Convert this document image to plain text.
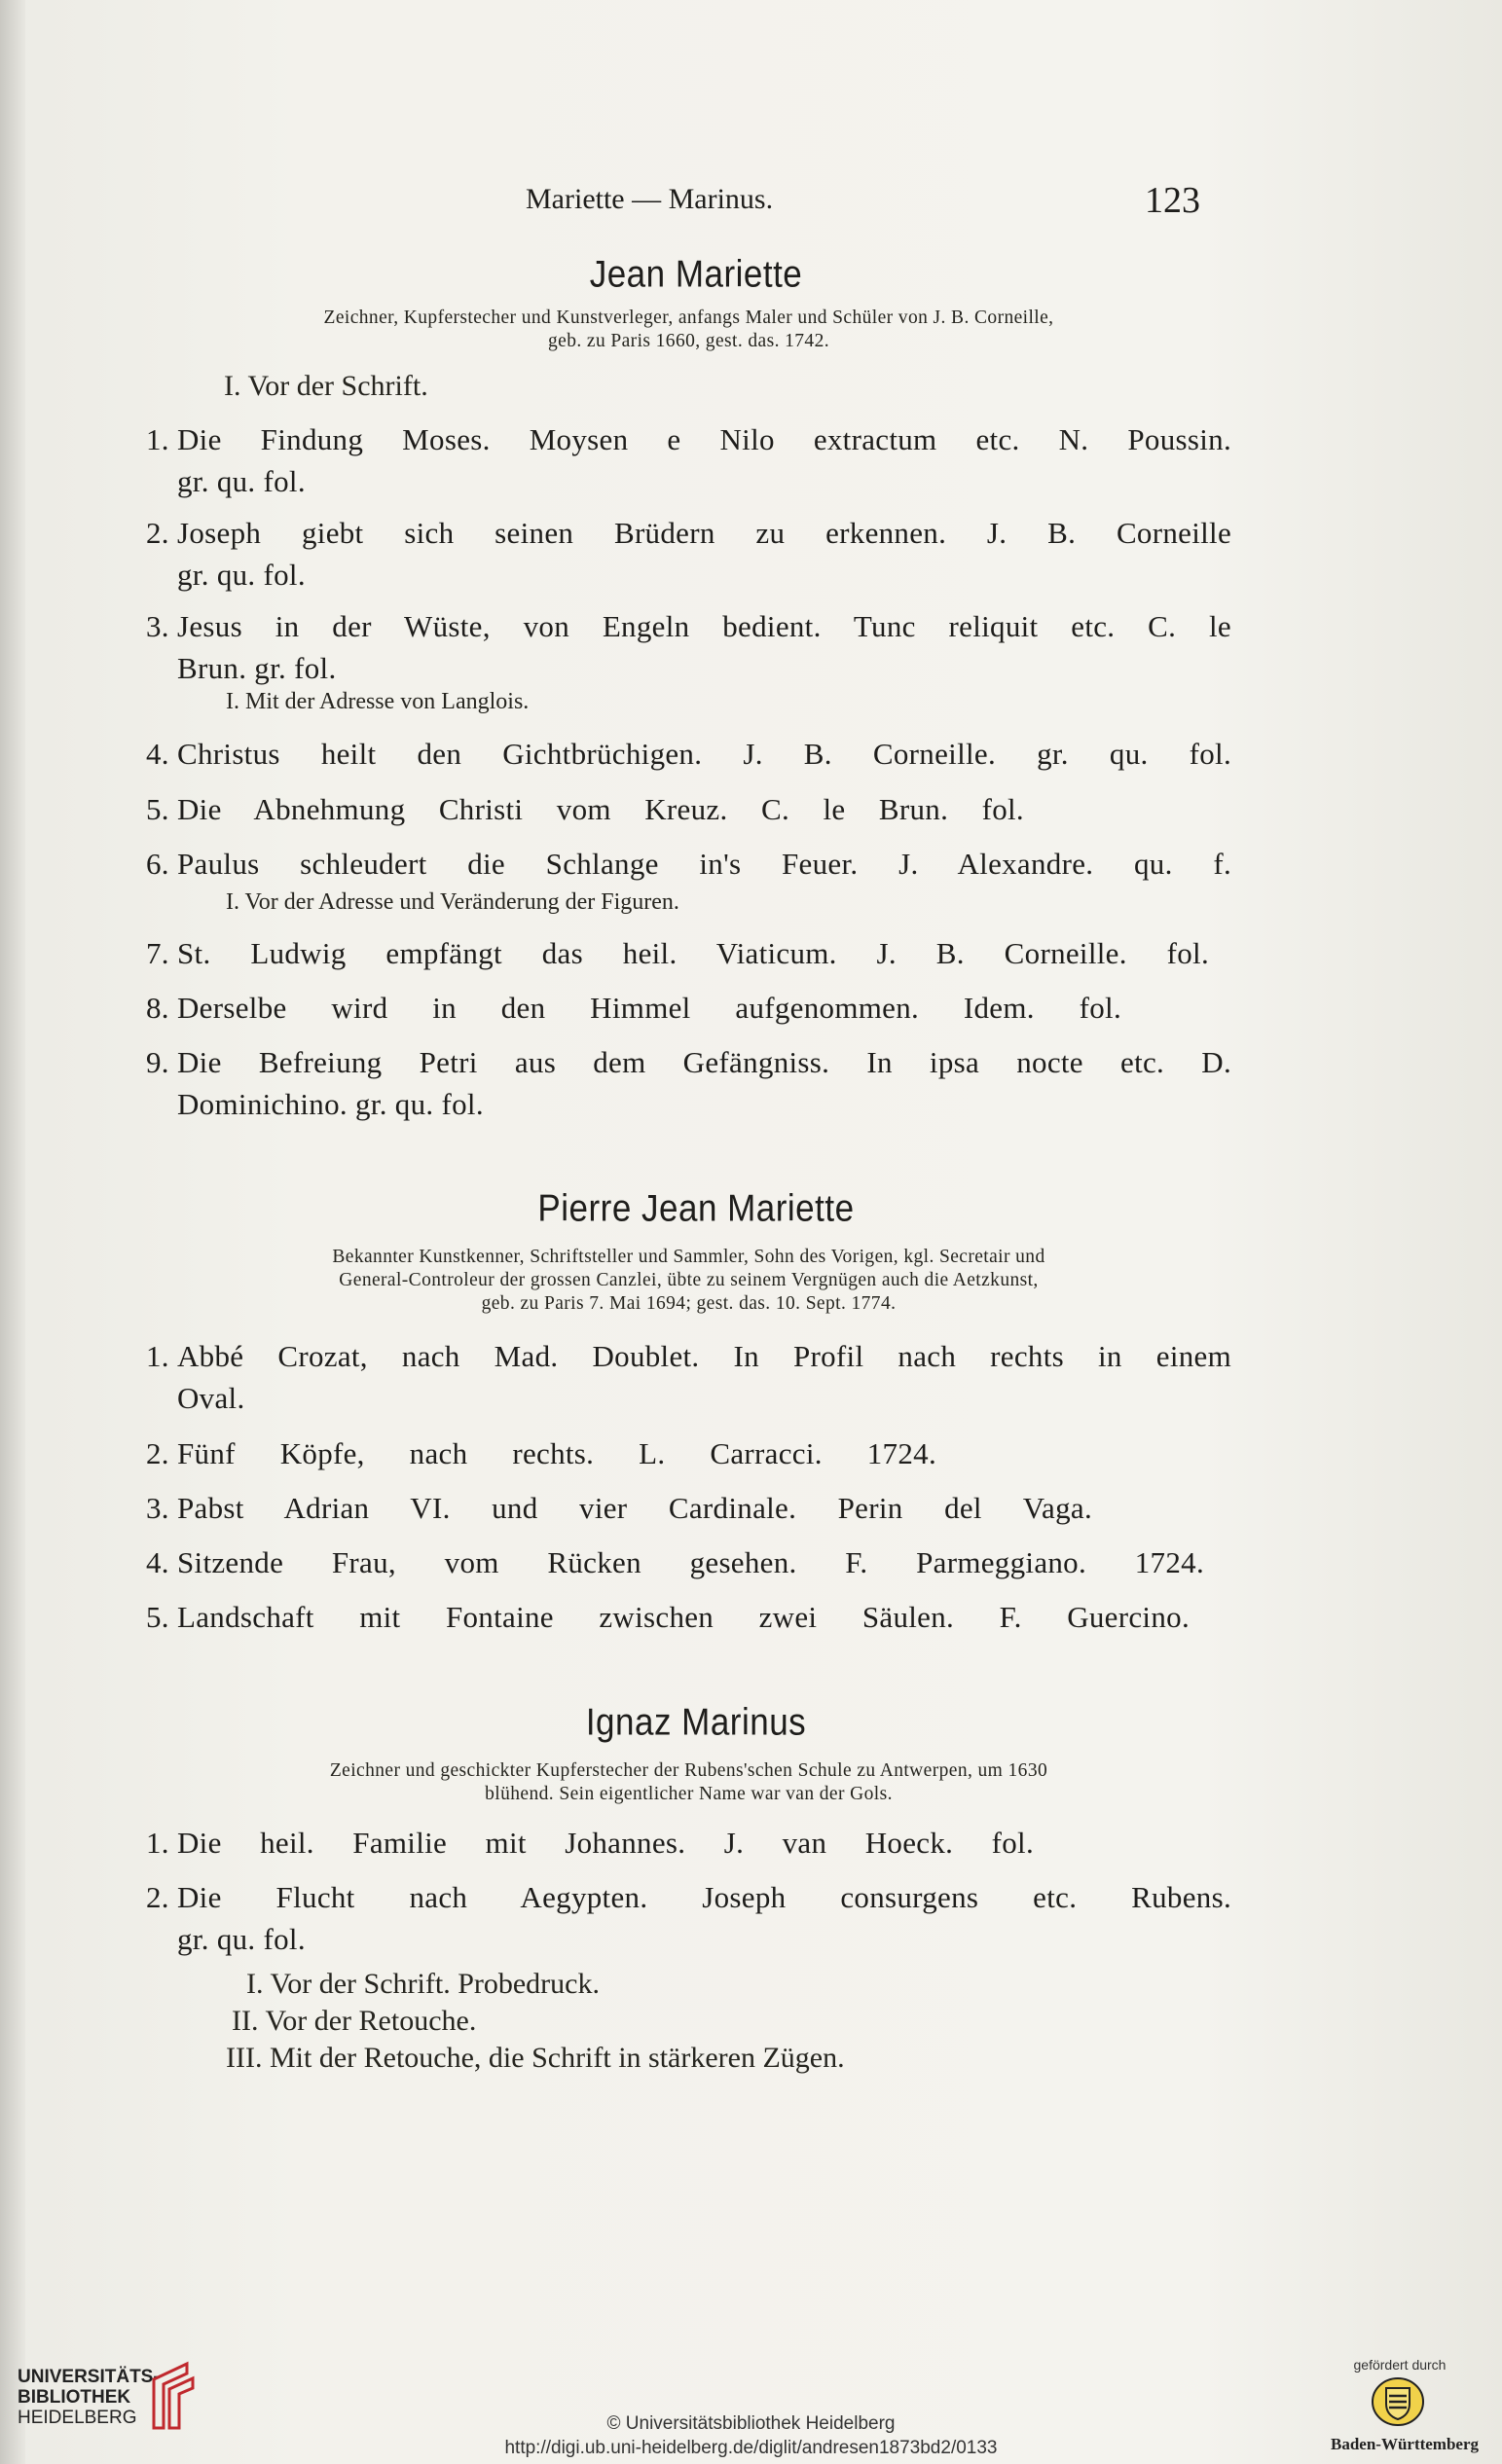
Mariette — Marinus.	123
Jean Mariette
Zeichner, Kupferstecher und Kunstverleger, anfangs Maler und Schüler von J. B. Corneille,
geb. zu Paris 1660, gest. das. 1742.
I. Vor der Schrift.
1. Die Findung Moses. Moysen e Nilo extractum etc. N. Poussin.
gr. qu. fol.
2. Joseph giebt sich seinen Brüdern zu erkennen. J. B. Corneille
gr. qu. fol.
3. Jesus in der Wüste, von Engeln bedient. Tunc reliquit etc. C. le
Brun. gr. fol.
I. Mit der Adresse von Langlois.
4. Christus heilt den Gichtbrüchigen. J. B. Corneille. gr. qu. fol.
5. Die Abnehmung Christi vom Kreuz. C. le Brun. fol.
6. Paulus schleudert die Schlange in's Feuer. J. Alexandre. qu. f.
I. Vor der Adresse und Veränderung der Figuren.
7. St. Ludwig empfängt das heil. Viaticum. J. B. Corneille. fol.
8. Derselbe wird in den Himmel aufgenommen. Idem. fol.
9. Die Befreiung Petri aus dem Gefängniss. In ipsa nocte etc. D.
Dominichino. gr. qu. fol.
Pierre Jean Mariette
Bekannter Kunstkenner, Schriftsteller und Sammler, Sohn des Vorigen, kgl. Secretair und
General-Controleur der grossen Canzlei, übte zu seinem Vergnügen auch die Aetzkunst,
geb. zu Paris 7. Mai 1694; gest. das. 10. Sept. 1774.
1. Abbé Crozat, nach Mad. Doublet. In Profil nach rechts in einem
Oval.
2. Fünf Köpfe, nach rechts. L. Carracci. 1724.
3. Pabst Adrian VI. und vier Cardinale. Perin del Vaga.
4. Sitzende Frau, vom Rücken gesehen. F. Parmeggiano. 1724.
5. Landschaft mit Fontaine zwischen zwei Säulen. F. Guercino.
Ignaz Marinus
Zeichner und geschickter Kupferstecher der Rubens'schen Schule zu Antwerpen, um 1630
blühend. Sein eigentlicher Name war van der Gols.
1. Die heil. Familie mit Johannes. J. van Hoeck. fol.
2. Die Flucht nach Aegypten. Joseph consurgens etc. Rubens.
gr. qu. fol.
I. Vor der Schrift. Probedruck.
II. Vor der Retouche.
III. Mit der Retouche, die Schrift in stärkeren Zügen.
UNIVERSITÄTS-
BIBLIOTHEK
HEIDELBERG	© Universitätsbibliothek Heidelberg
http://digi.ub.uni-heidelberg.de/diglit/andresen1873bd2/0133
gefördert durch
Baden-Württemberg
